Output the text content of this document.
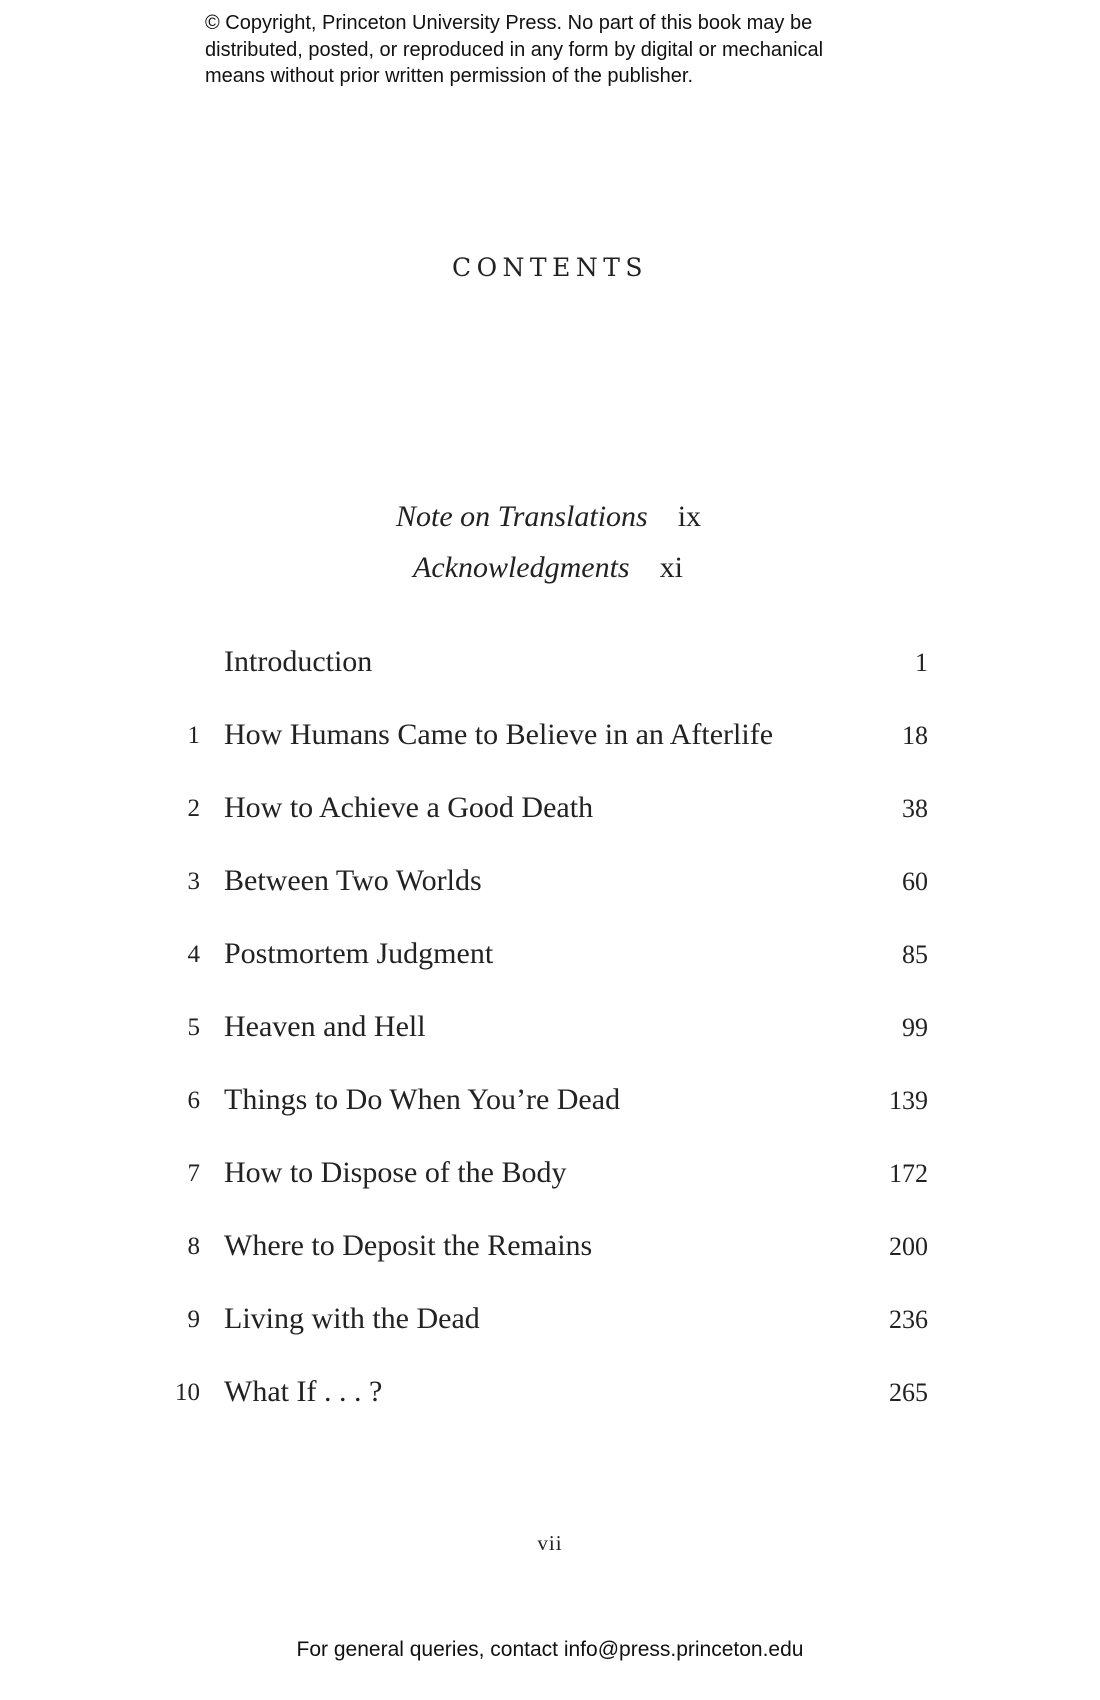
© Copyright, Princeton University Press. No part of this book may be
distributed, posted, or reproduced in any form by digital or mechanical
means without prior written permission of the publisher.
CONTENTS
Note on Translations ix
Acknowledgments xi
Introduction	1
1 How Humans Came to Believe in an Afterlife	18
2 How to Achieve a Good Death	38
3 Between Two Worlds	60
4 Postmortem Judgment	85
5 Heaven and Hell	99
6 Things to Do When You’re Dead	139
7 How to Dispose of the Body	172
8 Where to Deposit the Remains	200
9 Living with the Dead	236
10 What If . . . ?	265
vii
For general queries, contact info@press.princeton.edu
